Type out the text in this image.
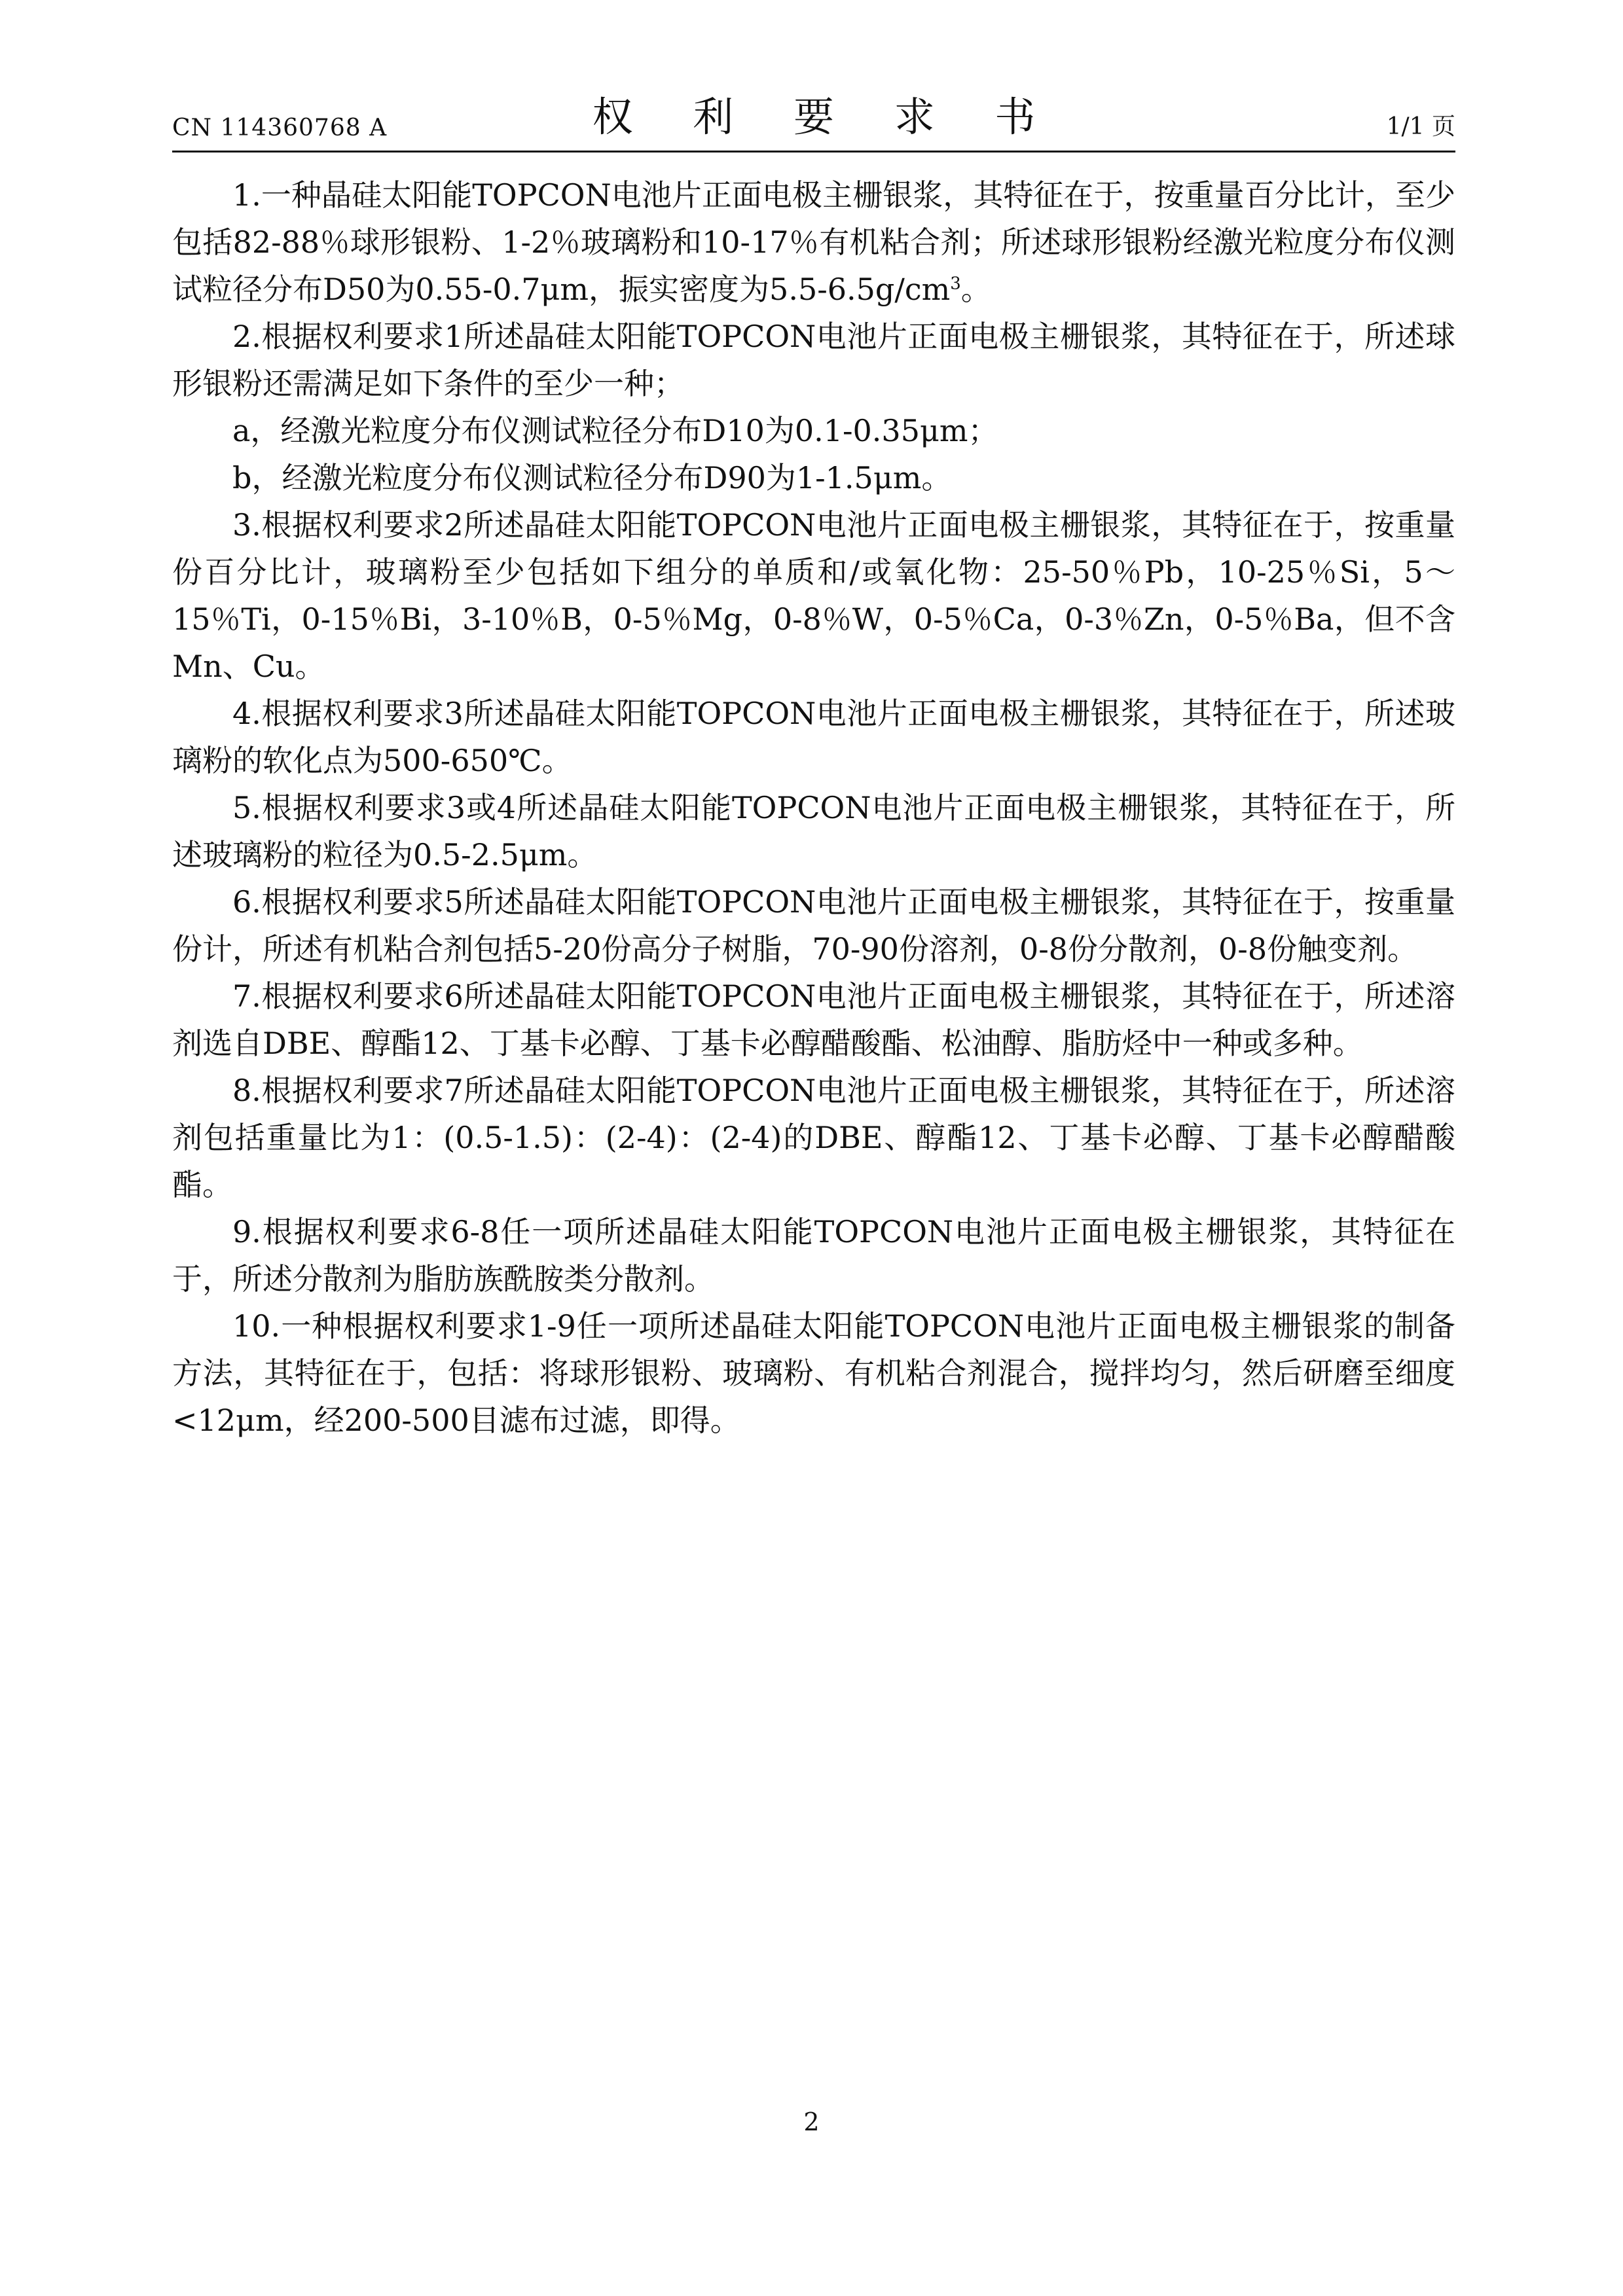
CN 114360768 A	权 利 要 求 书	1/1 页

1.一种晶硅太阳能TOPCON电池片正面电极主栅银浆，其特征在于，按重量百分比计，至少包括82-88％球形银粉、1-2％玻璃粉和10-17％有机粘合剂；所述球形银粉经激光粒度分布仪测试粒径分布D50为0.55-0.7μm，振实密度为$5.5-6.5g/cm^3$。

2.根据权利要求1所述晶硅太阳能TOPCON电池片正面电极主栅银浆，其特征在于，所述球形银粉还需满足如下条件的至少一种；

a，经激光粒度分布仪测试粒径分布D10为0.1-0.35μm；

b，经激光粒度分布仪测试粒径分布D90为1-1.5μm。

3.根据权利要求2所述晶硅太阳能TOPCON电池片正面电极主栅银浆，其特征在于，按重量份百分比计，玻璃粉至少包括如下组分的单质和/或氧化物：25-50％Pb，10-25％Si，5～15％Ti，0-15％Bi，3-10％B，0-5％Mg，0-8％W，0-5％Ca，0-3％Zn，0-5％Ba，但不含Mn、Cu。

4.根据权利要求3所述晶硅太阳能TOPCON电池片正面电极主栅银浆，其特征在于，所述玻璃粉的软化点为500-650℃。

5.根据权利要求3或4所述晶硅太阳能TOPCON电池片正面电极主栅银浆，其特征在于，所述玻璃粉的粒径为0.5-2.5μm。

6.根据权利要求5所述晶硅太阳能TOPCON电池片正面电极主栅银浆，其特征在于，按重量份计，所述有机粘合剂包括5-20份高分子树脂，70-90份溶剂，0-8份分散剂，0-8份触变剂。

7.根据权利要求6所述晶硅太阳能TOPCON电池片正面电极主栅银浆，其特征在于，所述溶剂选自DBE、醇酯12、丁基卡必醇、丁基卡必醇醋酸酯、松油醇、脂肪烃中一种或多种。

8.根据权利要求7所述晶硅太阳能TOPCON电池片正面电极主栅银浆，其特征在于，所述溶剂包括重量比为1：(0.5-1.5)：(2-4)：(2-4)的DBE、醇酯12、丁基卡必醇、丁基卡必醇醋酸酯。

9.根据权利要求6-8任一项所述晶硅太阳能TOPCON电池片正面电极主栅银浆，其特征在于，所述分散剂为脂肪族酰胺类分散剂。

10.一种根据权利要求1-9任一项所述晶硅太阳能TOPCON电池片正面电极主栅银浆的制备方法，其特征在于，包括：将球形银粉、玻璃粉、有机粘合剂混合，搅拌均匀，然后研磨至细度<12μm，经200-500目滤布过滤，即得。

2
